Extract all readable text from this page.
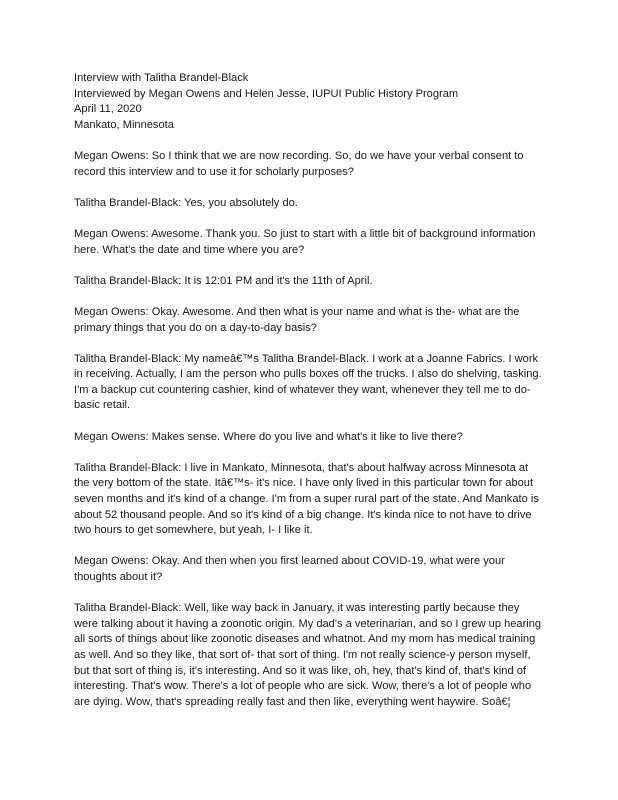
Interview with Talitha Brandel-Black

Interviewed by Megan Owens and Helen Jesse, IUPUI Public History Program

April 11, 2020

Mankato, Minnesota

Megan Owens: So I think that we are now recording. So, do we have your verbal consent to record this interview and to use it for scholarly purposes?

Talitha Brandel-Black: Yes, you absolutely do.

Megan Owens: Awesome. Thank you. So just to start with a little bit of background information here. What's the date and time where you are?

Talitha Brandel-Black: It is 12:01 PM and it's the 11th of April.

Megan Owens: Okay. Awesome. And then what is your name and what is the- what are the primary things that you do on a day-to-day basis?

Talitha Brandel-Black: My nameâ€™s Talitha Brandel-Black. I work at a Joanne Fabrics. I work in receiving. Actually, I am the person who pulls boxes off the trucks. I also do shelving, tasking. I'm a backup cut countering cashier, kind of whatever they want, whenever they tell me to do- basic retail.

Megan Owens: Makes sense. Where do you live and what's it like to live there?

Talitha Brandel-Black: I live in Mankato, Minnesota, that's about halfway across Minnesota at the very bottom of the state. Itâ€™s- it's nice. I have only lived in this particular town for about seven months and it's kind of a change. I'm from a super rural part of the state. And Mankato is about 52 thousand people. And so it's kind of a big change. It's kinda nice to not have to drive two hours to get somewhere, but yeah, I- I like it.

Megan Owens: Okay. And then when you first learned about COVID-19, what were your thoughts about it?

Talitha Brandel-Black: Well, like way back in January, it was interesting partly because they were talking about it having a zoonotic origin. My dad's a veterinarian, and so I grew up hearing all sorts of things about like zoonotic diseases and whatnot. And my mom has medical training as well. And so they like, that sort of- that sort of thing. I'm not really science-y person myself, but that sort of thing is, it's interesting. And so it was like, oh, hey, that's kind of, that's kind of interesting. That's wow. There's a lot of people who are sick. Wow, there's a lot of people who are dying. Wow, that's spreading really fast and then like, everything went haywire. Soâ€¦
